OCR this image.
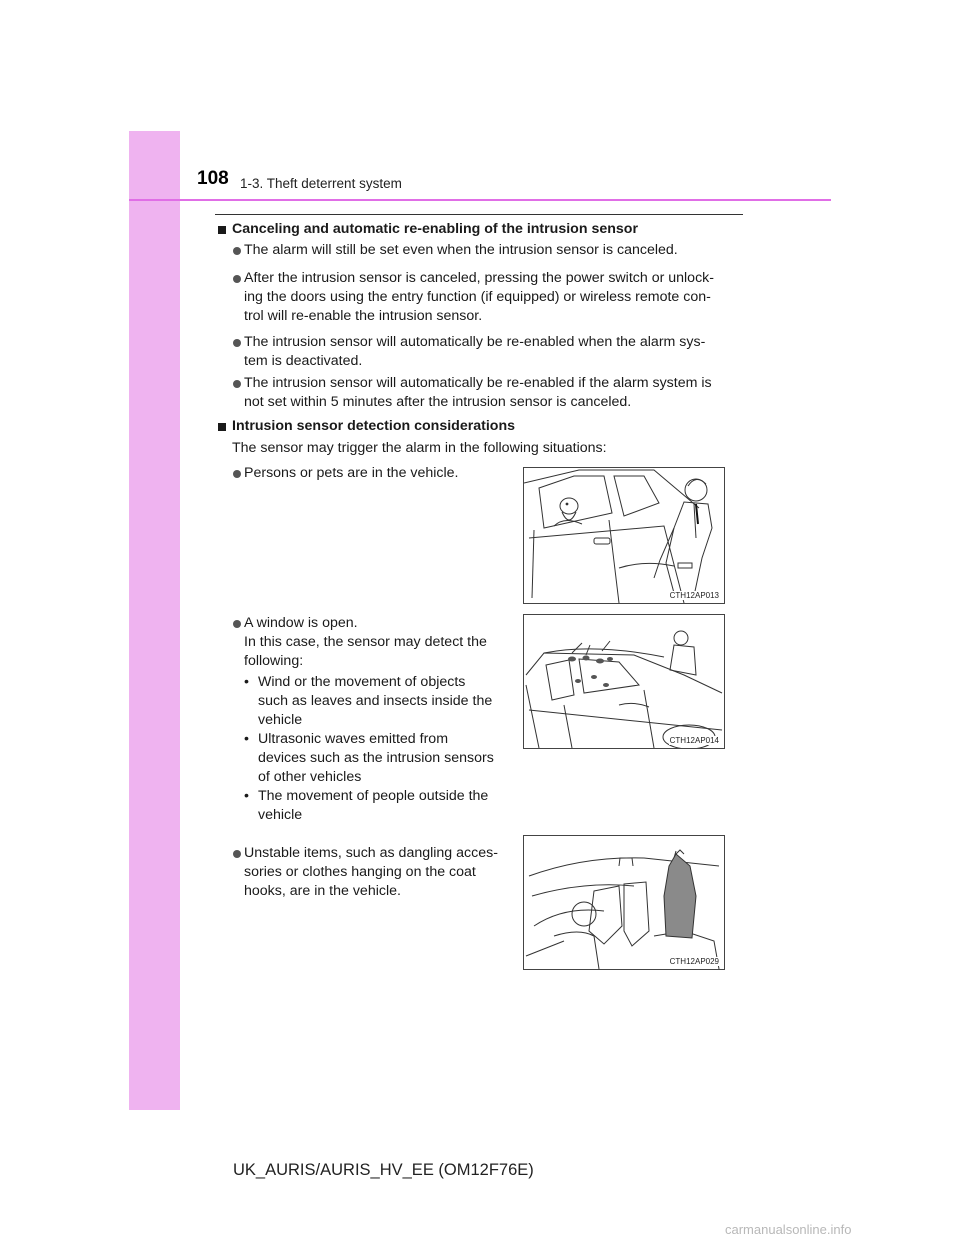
108 1-3. Theft deterrent system

Canceling and automatic re-enabling of the intrusion sensor

The alarm will still be set even when the intrusion sensor is canceled.

After the intrusion sensor is canceled, pressing the power switch or unlock-
ing the doors using the entry function (if equipped) or wireless remote con-
trol will re-enable the intrusion sensor.
The intrusion sensor will automatically be re-enabled when the alarm sys-
tem is deactivated.
The intrusion sensor will automatically be re-enabled if the alarm system is
not set within 5 minutes after the intrusion sensor is canceled.

Intrusion sensor detection considerations

The sensor may trigger the alarm in the following situations:

Persons or pets are in the vehicle.

CTH12AP013
A window is open.
In this case, the sensor may detect the
following:
• Wind or the movement of objects
such as leaves and insects inside the
vehicle
• Ultrasonic waves emitted from
devices such as the intrusion sensors
of other vehicles
• The movement of people outside the
vehicle
CTH12AP014
Unstable items, such as dangling acces-
sories or clothes hanging on the coat
hooks, are in the vehicle.
CTH12AP029
UK_AURIS/AURIS_HV_EE (OM12F76E)
carmanualsonline.info
